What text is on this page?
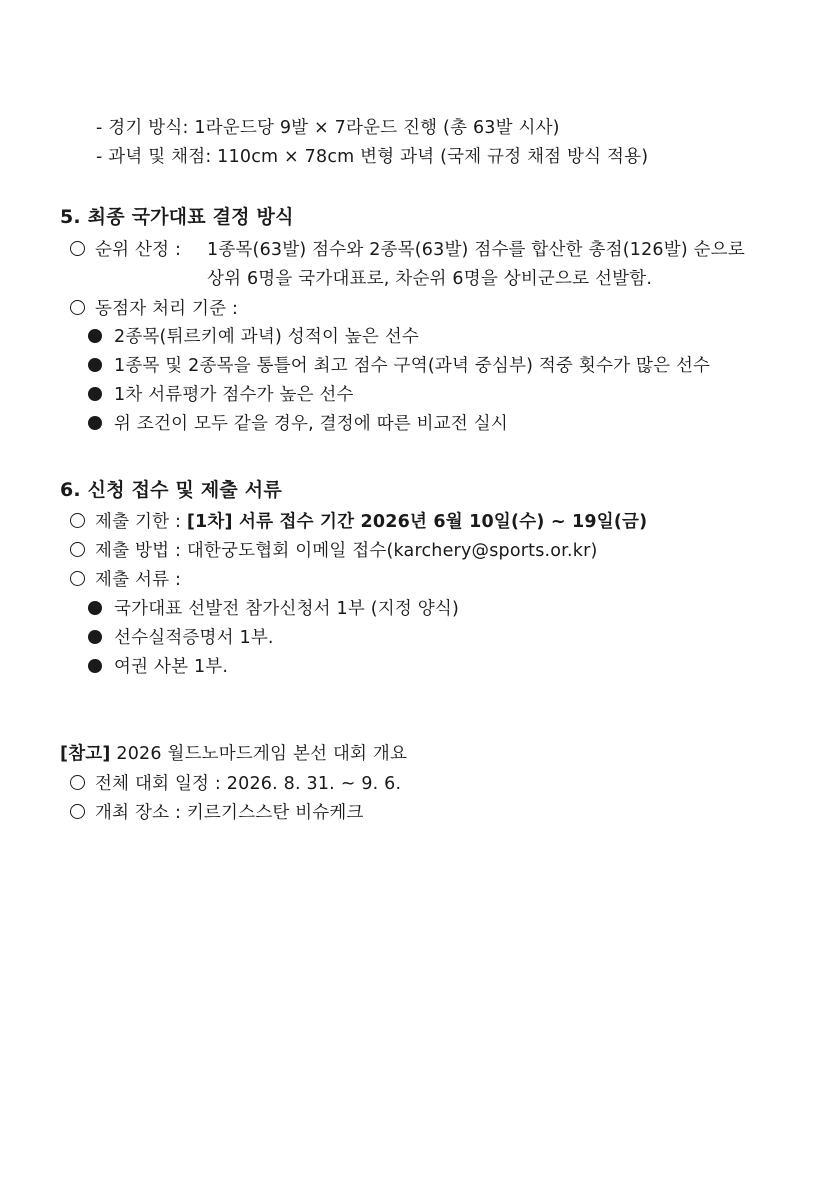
- 경기 방식: 1라운드당 9발 × 7라운드 진행 (총 63발 시사)
- 과녁 및 채점: 110cm × 78cm 변형 과녁 (국제 규정 채점 방식 적용)
5. 최종 국가대표 결정 방식
순위 산정 : 1종목(63발) 점수와 2종목(63발) 점수를 합산한 총점(126발) 순으로
상위 6명을 국가대표로, 차순위 6명을 상비군으로 선발함.
동점자 처리 기준 :
2종목(튀르키예 과녁) 성적이 높은 선수
1종목 및 2종목을 통틀어 최고 점수 구역(과녁 중심부) 적중 횟수가 많은 선수
1차 서류평가 점수가 높은 선수
위 조건이 모두 같을 경우, 결정에 따른 비교전 실시
6. 신청 접수 및 제출 서류
제출 기한 : [1차] 서류 접수 기간 2026년 6월 10일(수) ~ 19일(금)
제출 방법 : 대한궁도협회 이메일 접수(karchery@sports.or.kr)
제출 서류 :
국가대표 선발전 참가신청서 1부 (지정 양식)
선수실적증명서 1부.
여권 사본 1부.
[참고] 2026 월드노마드게임 본선 대회 개요
전체 대회 일정 : 2026. 8. 31. ~ 9. 6.
개최 장소 : 키르기스스탄 비슈케크
